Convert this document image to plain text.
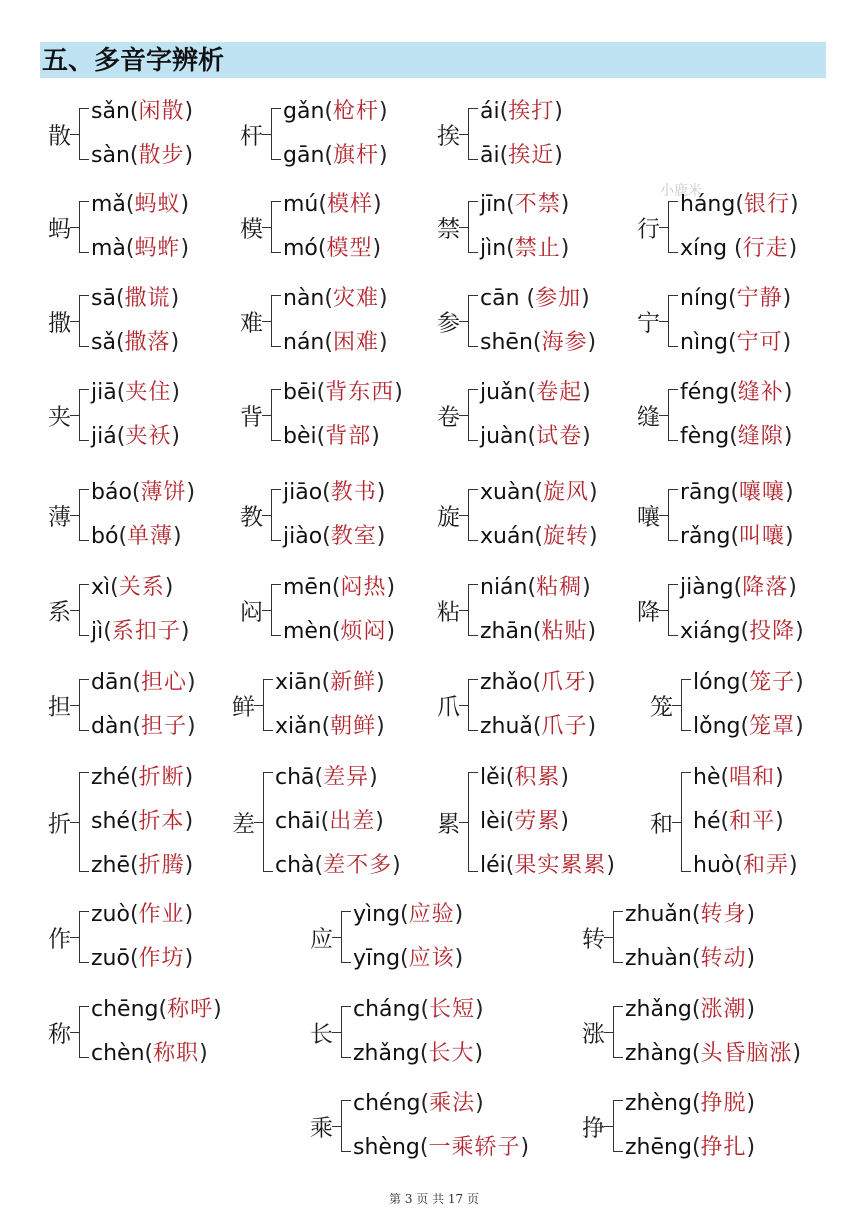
五、多音字辨析
小鹿米
散
sǎn(闲散)
sàn(散步)
杆
gǎn(枪杆)
gān(旗杆)
挨
ái(挨打)
āi(挨近)
蚂
mǎ(蚂蚁)
mà(蚂蚱)
模
mú(模样)
mó(模型)
禁
jīn(不禁)
jìn(禁止)
行
háng(银行)
xíng (行走)
撒
sā(撒谎)
sǎ(撒落)
难
nàn(灾难)
nán(困难)
参
cān (参加)
shēn(海参)
宁
níng(宁静)
nìng(宁可)
夹
jiā(夹住)
jiá(夹袄)
背
bēi(背东西)
bèi(背部)
卷
juǎn(卷起)
juàn(试卷)
缝
féng(缝补)
fèng(缝隙)
薄
báo(薄饼)
bó(单薄)
教
jiāo(教书)
jiào(教室)
旋
xuàn(旋风)
xuán(旋转)
嚷
rāng(嚷嚷)
rǎng(叫嚷)
系
xì(关系)
jì(系扣子)
闷
mēn(闷热)
mèn(烦闷)
粘
nián(粘稠)
zhān(粘贴)
降
jiàng(降落)
xiáng(投降)
担
dān(担心)
dàn(担子)
鲜
xiān(新鲜)
xiǎn(朝鲜)
爪
zhǎo(爪牙)
zhuǎ(爪子)
笼
lóng(笼子)
lǒng(笼罩)
折
zhé(折断)
shé(折本)
zhē(折腾)
差
chā(差异)
chāi(出差)
chà(差不多)
累
lěi(积累)
lèi(劳累)
léi(果实累累)
和
hè(唱和)
hé(和平)
huò(和弄)
作
zuò(作业)
zuō(作坊)
应
yìng(应验)
yīng(应该)
转
zhuǎn(转身)
zhuàn(转动)
称
chēng(称呼)
chèn(称职)
长
cháng(长短)
zhǎng(长大)
涨
zhǎng(涨潮)
zhàng(头昏脑涨)
乘
chéng(乘法)
shèng(一乘轿子)
挣
zhèng(挣脱)
zhēng(挣扎)
第 3 页 共 17 页
